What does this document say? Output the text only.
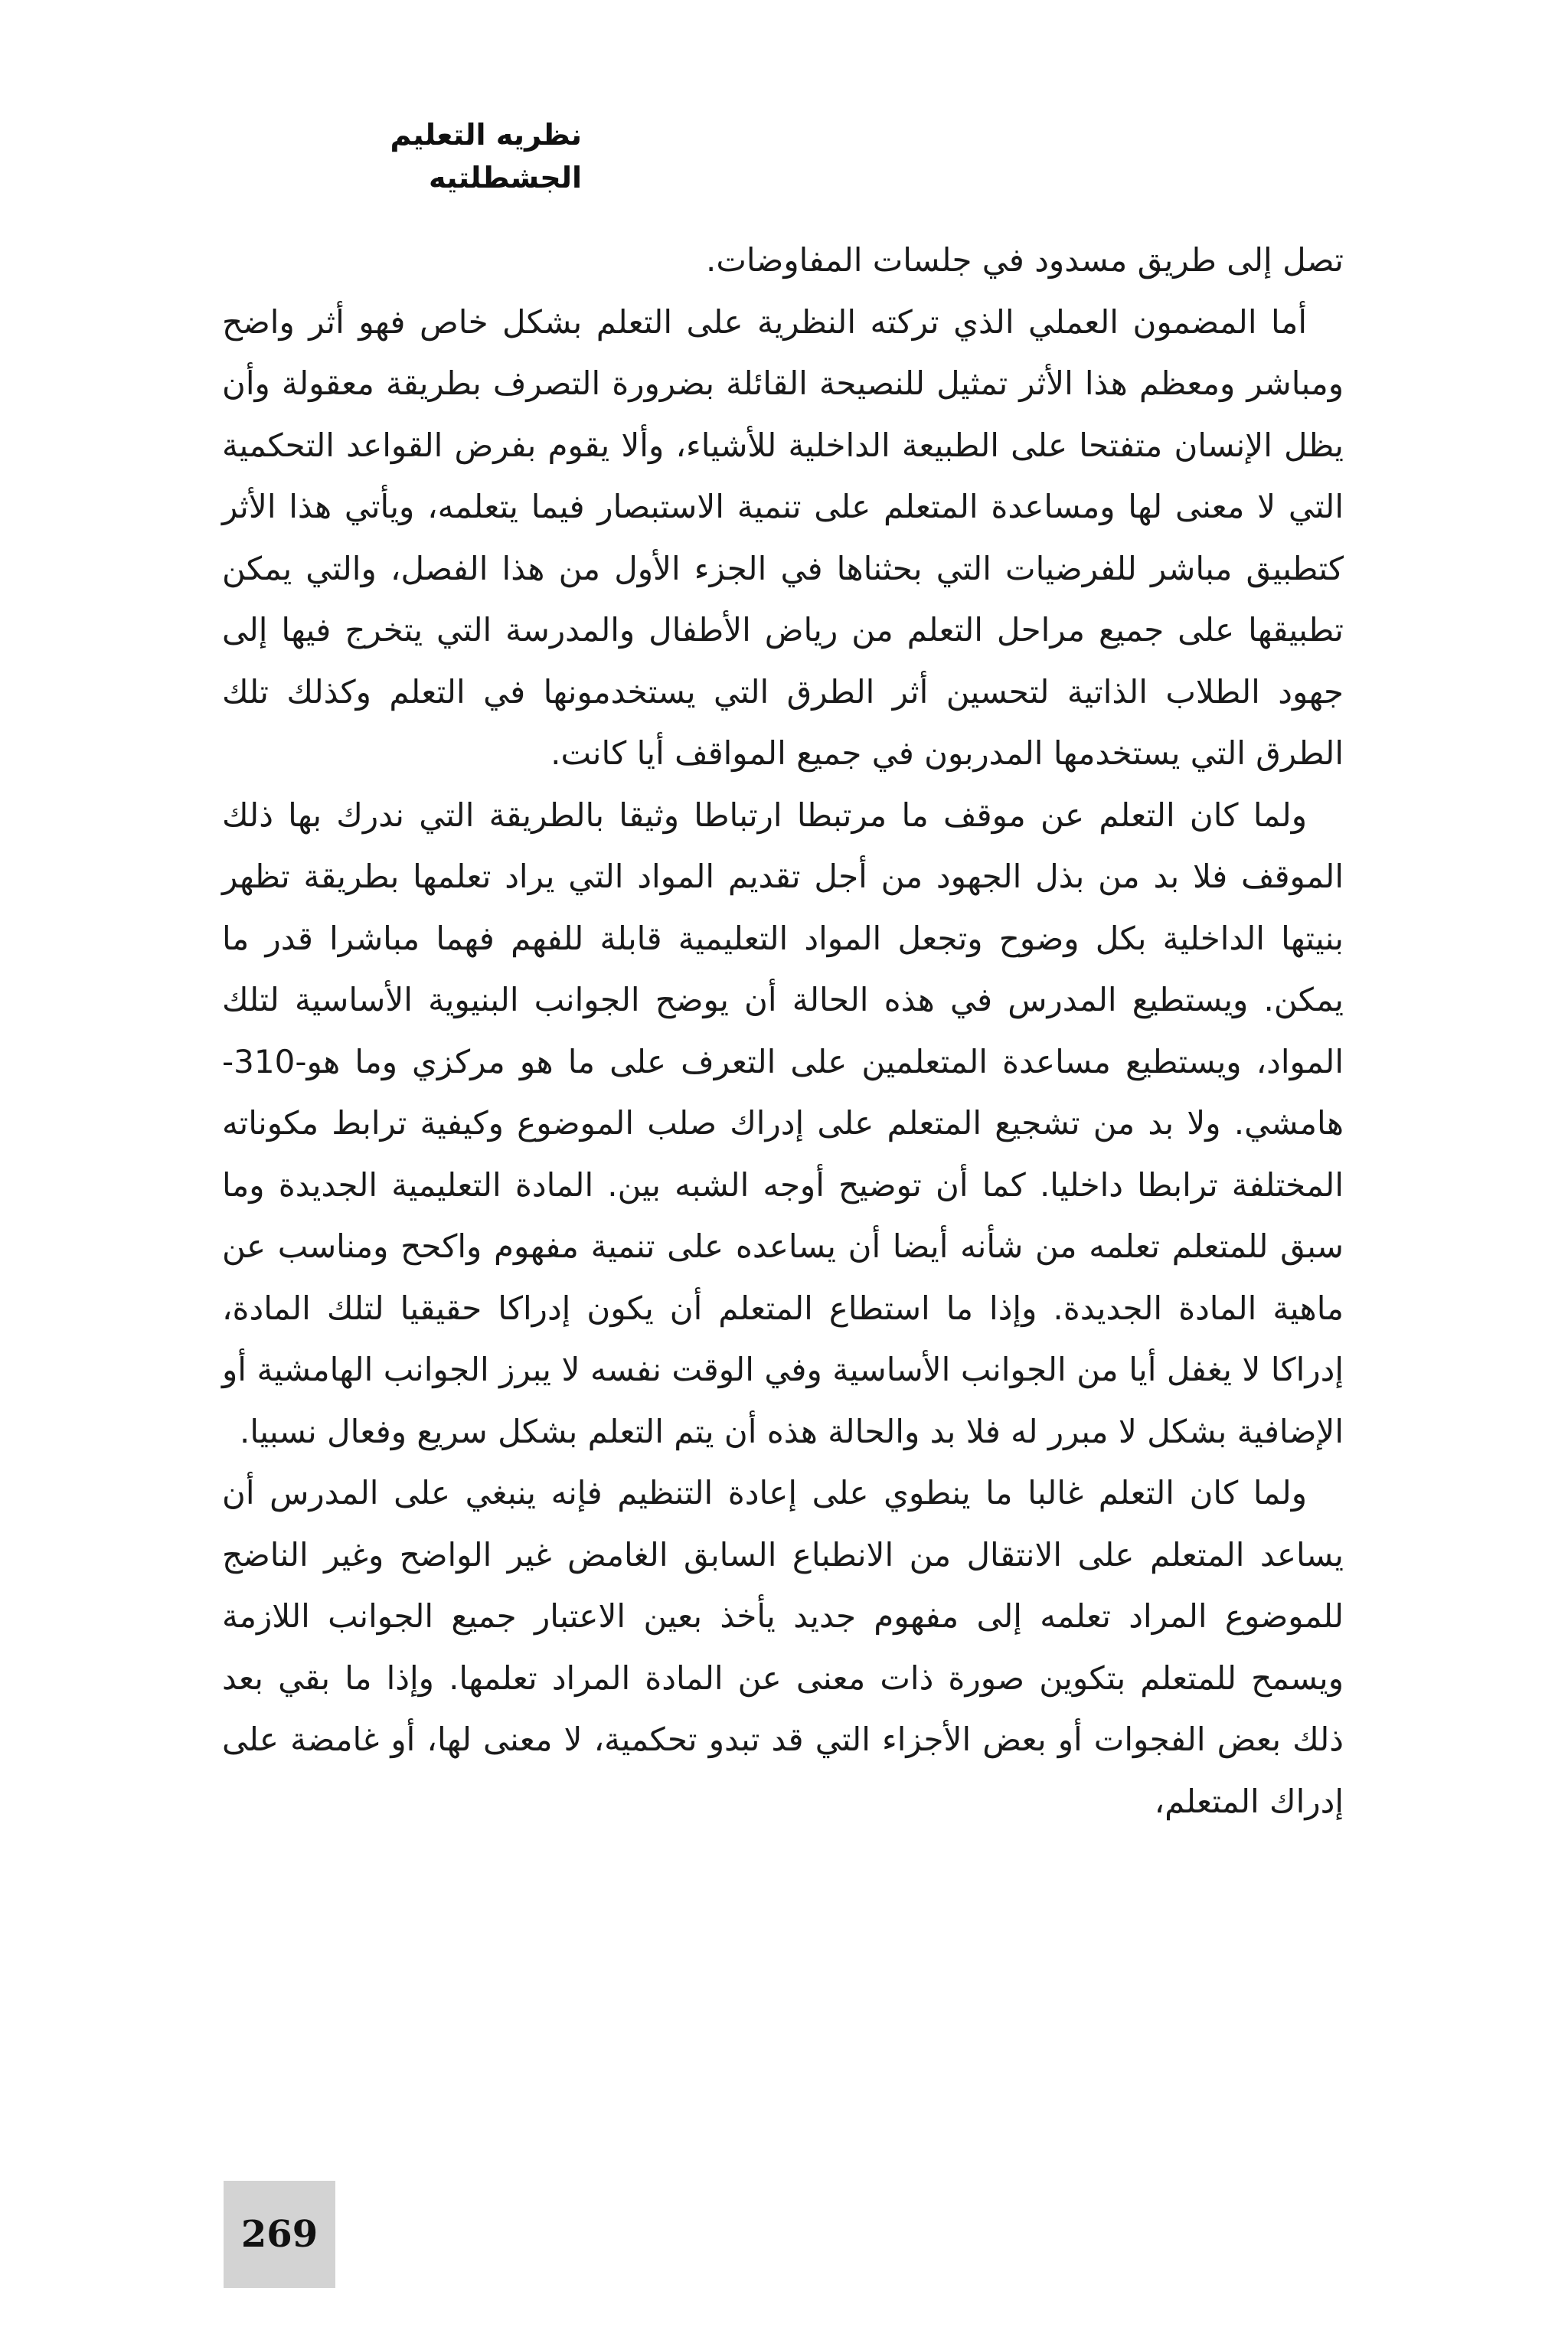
نظريه التعليم الجشطلتيه

تصل إلى طريق مسدود في جلسات المفاوضات.

أما المضمون العملي الذي تركته النظرية على التعلم بشكل خاص فهو أثر واضح ومباشر ومعظم هذا الأثر تمثيل للنصيحة القائلة بضرورة التصرف بطريقة معقولة وأن يظل الإنسان متفتحا على الطبيعة الداخلية للأشياء، وألا يقوم بفرض القواعد التحكمية التي لا معنى لها ومساعدة المتعلم على تنمية الاستبصار فيما يتعلمه، ويأتي هذا الأثر كتطبيق مباشر للفرضيات التي بحثناها في الجزء الأول من هذا الفصل، والتي يمكن تطبيقها على جميع مراحل التعلم من رياض الأطفال والمدرسة التي يتخرج فيها إلى جهود الطلاب الذاتية لتحسين أثر الطرق التي يستخدمونها في التعلم وكذلك تلك الطرق التي يستخدمها المدربون في جميع المواقف أيا كانت.

ولما كان التعلم عن موقف ما مرتبطا ارتباطا وثيقا بالطريقة التي ندرك بها ذلك الموقف فلا بد من بذل الجهود من أجل تقديم المواد التي يراد تعلمها بطريقة تظهر بنيتها الداخلية بكل وضوح وتجعل المواد التعليمية قابلة للفهم فهما مباشرا قدر ما يمكن. ويستطيع المدرس في هذه الحالة أن يوضح الجوانب البنيوية الأساسية لتلك المواد، ويستطيع مساعدة المتعلمين على التعرف على ما هو مركزي وما هو-310- هامشي. ولا بد من تشجيع المتعلم على إدراك صلب الموضوع وكيفية ترابط مكوناته المختلفة ترابطا داخليا. كما أن توضيح أوجه الشبه بين. المادة التعليمية الجديدة وما سبق للمتعلم تعلمه من شأنه أيضا أن يساعده على تنمية مفهوم واكحح ومناسب عن ماهية المادة الجديدة. وإذا ما استطاع المتعلم أن يكون إدراكا حقيقيا لتلك المادة، إدراكا لا يغفل أيا من الجوانب الأساسية وفي الوقت نفسه لا يبرز الجوانب الهامشية أو الإضافية بشكل لا مبرر له فلا بد والحالة هذه أن يتم التعلم بشكل سريع وفعال نسبيا.

ولما كان التعلم غالبا ما ينطوي على إعادة التنظيم فإنه ينبغي على المدرس أن يساعد المتعلم على الانتقال من الانطباع السابق الغامض غير الواضح وغير الناضج للموضوع المراد تعلمه إلى مفهوم جديد يأخذ بعين الاعتبار جميع الجوانب اللازمة ويسمح للمتعلم بتكوين صورة ذات معنى عن المادة المراد تعلمها. وإذا ما بقي بعد ذلك بعض الفجوات أو بعض الأجزاء التي قد تبدو تحكمية، لا معنى لها، أو غامضة على إدراك المتعلم،

269
